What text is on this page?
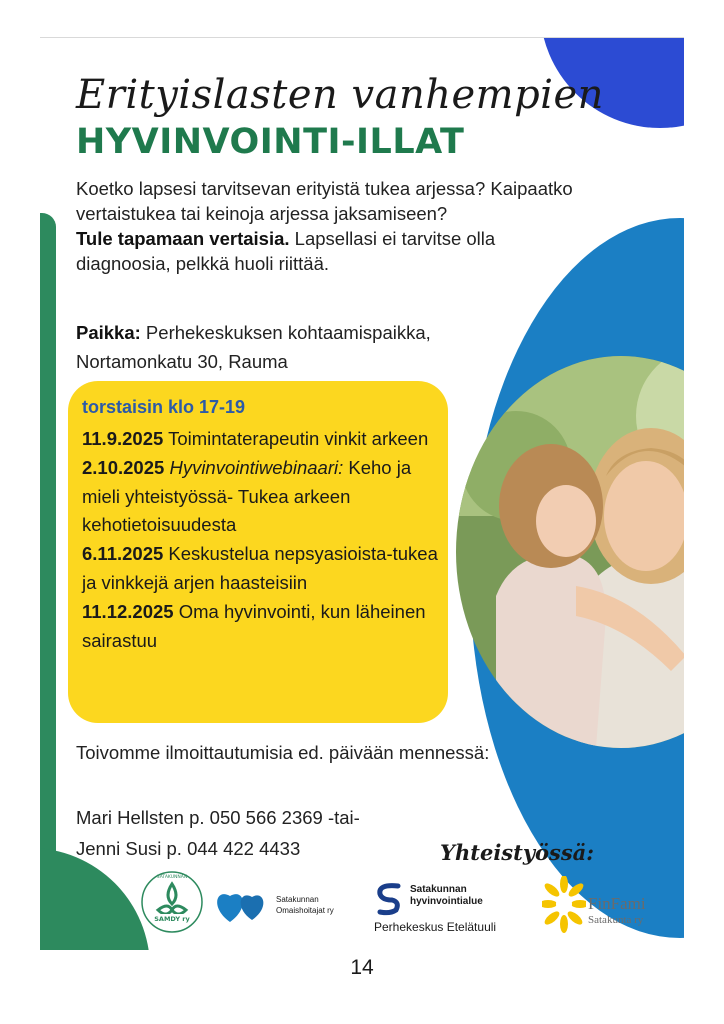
Erityislasten vanhempien
HYVINVOINTI-ILLAT

Koetko lapsesi tarvitsevan erityistä tukea arjessa? Kaipaatko vertaistukea tai keinoja arjessa jaksamiseen?

Tule tapamaan vertaisia. Lapsellasi ei tarvitse olla diagnoosia, pelkkä huoli riittää.

Paikka: Perhekeskuksen kohtaamispaikka,
Nortamonkatu 30, Rauma
torstaisin klo 17-19

11.9.2025 Toimintaterapeutin vinkit arkeen

2.10.2025 Hyvinvointiwebinaari: Keho ja mieli yhteistyössä- Tukea arkeen kehotietoisuudesta

6.11.2025 Keskustelua nepsyasioista-tukea ja vinkkejä arjen haasteisiin

11.12.2025 Oma hyvinvointi, kun läheinen sairastuu

Toivomme ilmoittautumisia ed. päivään mennessä:

Mari Hellsten p. 050 566 2369 -tai-

Jenni Susi p. 044 422 4433	Yhteistyössä:
SAMDY ry
SATAKUNNAN
Satakunnan
Omaishoitajat ry
Satakunnan
hyvinvointialue
Perhekeskus Etelätuuli
FinFami
Satakunta ry
14
